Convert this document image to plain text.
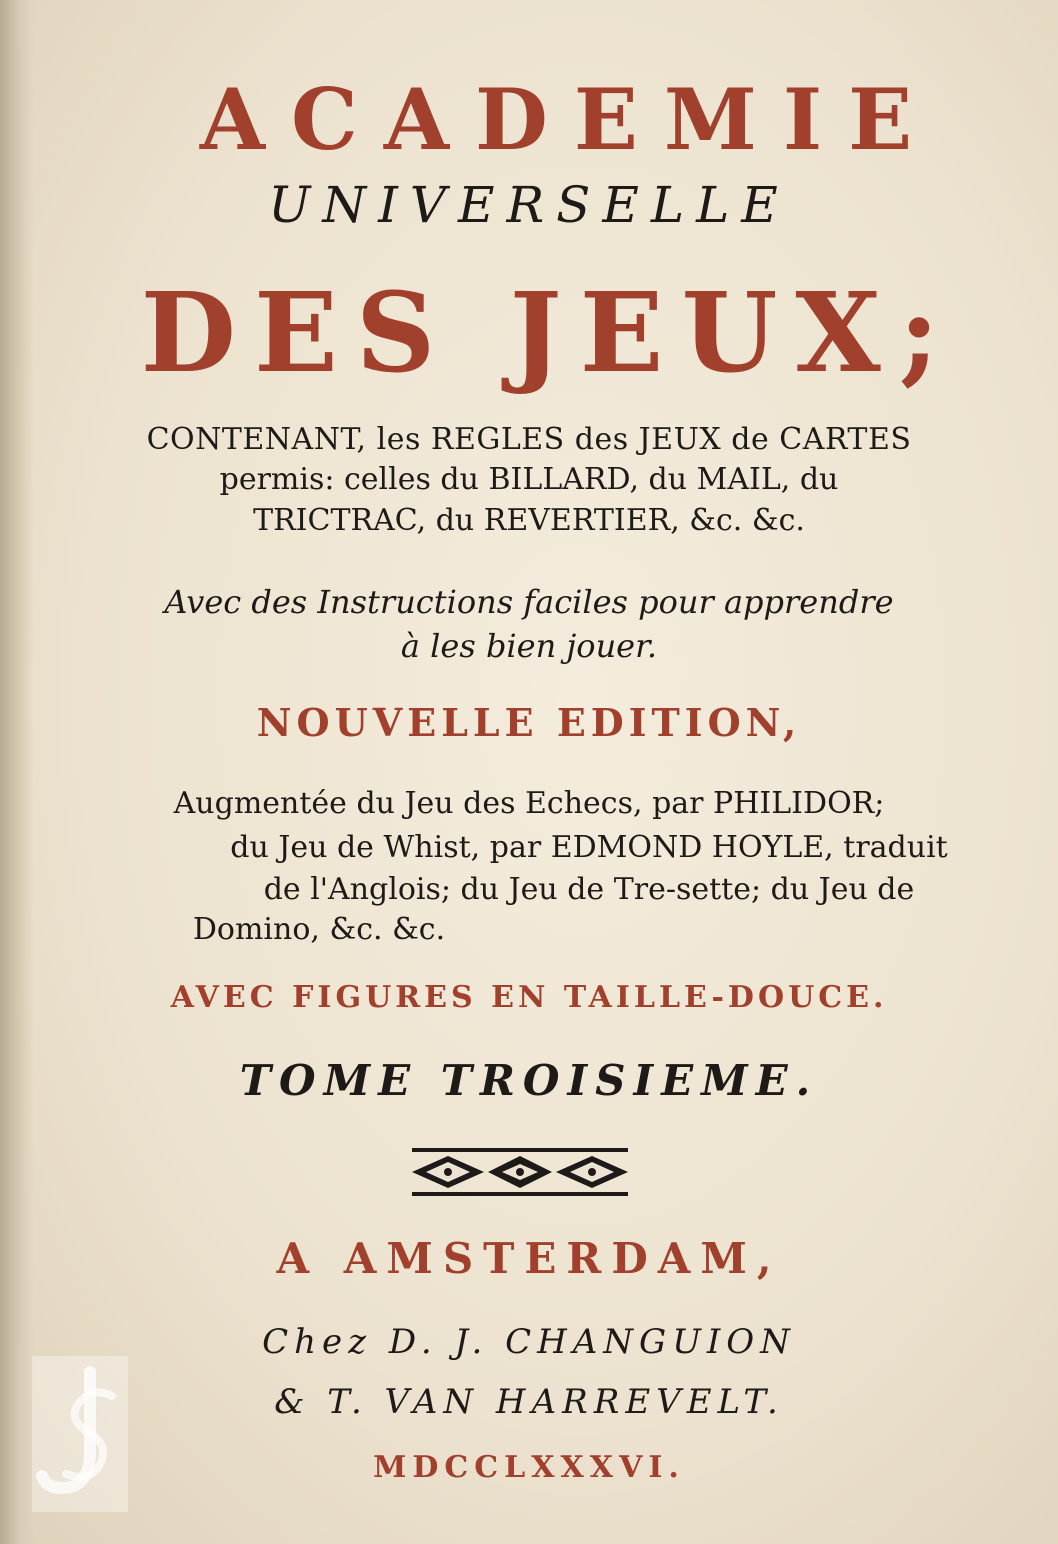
ACADEMIE
UNIVERSELLE
DES JEUX;
CONTENANT, les REGLES des JEUX de CARTES
permis: celles du BILLARD, du MAIL, du
TRICTRAC, du REVERTIER, &c. &c.
Avec des Instructions faciles pour apprendre
à les bien jouer.
NOUVELLE EDITION,
Augmentée du Jeu des Echecs, par PHILIDOR;
du Jeu de Whist, par EDMOND HOYLE, traduit
de l'Anglois; du Jeu de Tre-sette; du Jeu de
Domino, &c. &c.
AVEC FIGURES EN TAILLE-DOUCE.
TOME TROISIEME.
A AMSTERDAM,
Chez D. J. CHANGUION
& T. VAN HARREVELT.
MDCCLXXXVI.
